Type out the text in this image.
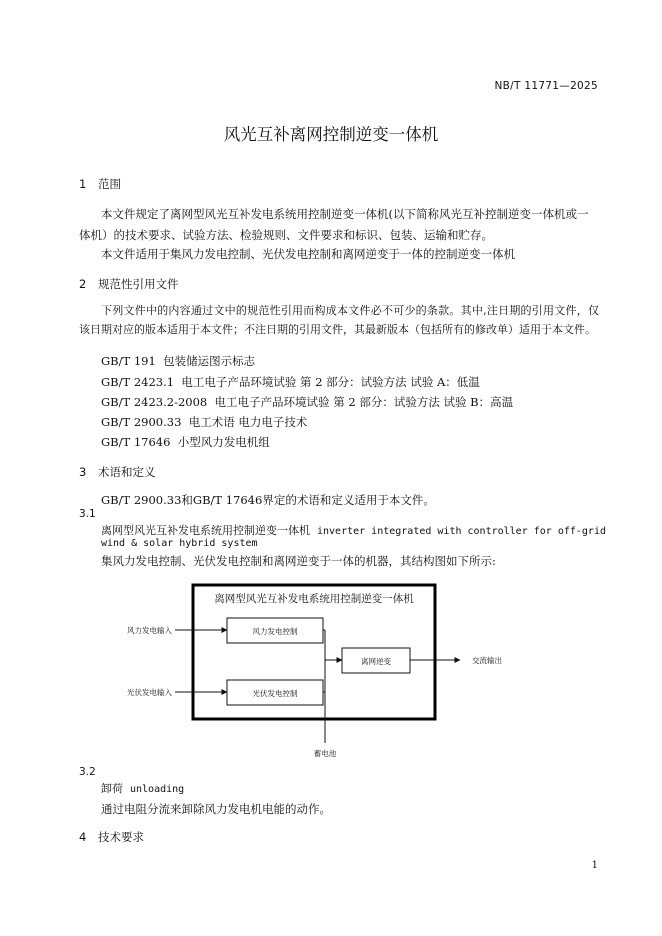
NB/T 11771—2025
风光互补离网控制逆变一体机
1 范围
本文件规定了离网型风光互补发电系统用控制逆变一体机(以下简称风光互补控制逆变一体机或一
体机）的技术要求、试验方法、检验规则、文件要求和标识、包装、运输和贮存。
本文件适用于集风力发电控制、光伏发电控制和离网逆变于一体的控制逆变一体机
2 规范性引用文件
下列文件中的内容通过文中的规范性引用而构成本文件必不可少的条款。其中,注日期的引用文件，仅该日期对应的版本适用于本文件；不注日期的引用文件，其最新版本（包括所有的修改单）适用于本文件。
GB/T 191 包装储运图示标志
GB/T 2423.1 电工电子产品环境试验 第 2 部分：试验方法 试验 A：低温
GB/T 2423.2-2008 电工电子产品环境试验 第 2 部分：试验方法 试验 B：高温
GB/T 2900.33 电工术语 电力电子技术
GB/T 17646 小型风力发电机组
3 术语和定义
GB/T 2900.33和GB/T 17646界定的术语和定义适用于本文件。
3.1
离网型风光互补发电系统用控制逆变一体机 inverter integrated with controller for off-grid
wind & solar hybrid system
集风力发电控制、光伏发电控制和离网逆变于一体的机器，其结构图如下所示:
离网型风光互补发电系统用控制逆变一体机
风力发电输入	风力发电控制
光伏发电输入	光伏发电控制
离网逆变	交流输出
蓄电池
3.2
卸荷 unloading
通过电阻分流来卸除风力发电机电能的动作。
4 技术要求
1
